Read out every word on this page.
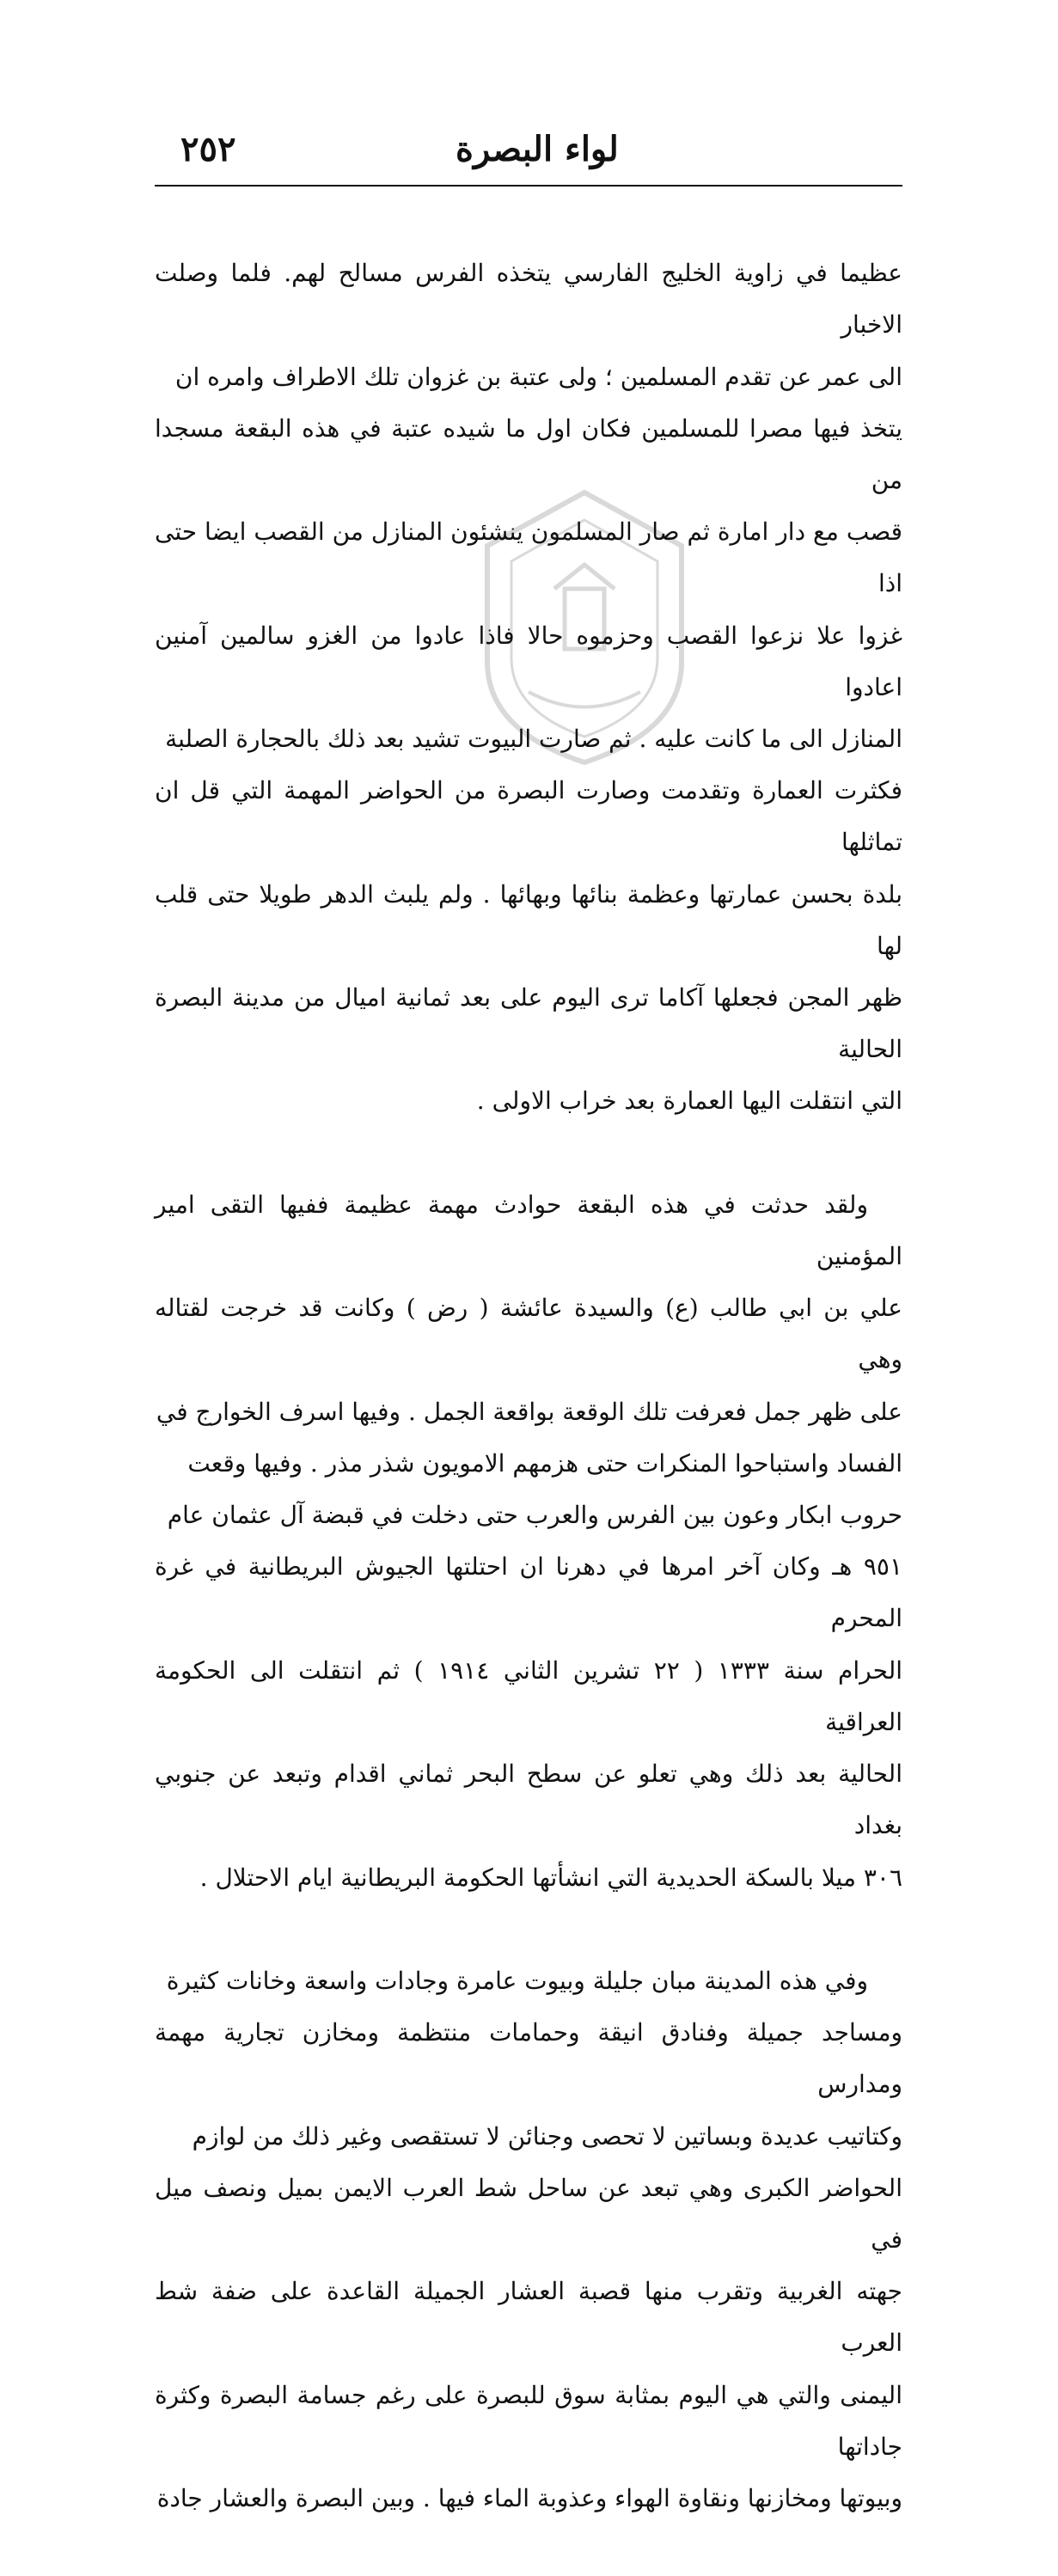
٢٥٢	لواء البصرة

عظيما في زاوية الخليج الفارسي يتخذه الفرس مسالح لهم. فلما وصلت الاخبار
الى عمر عن تقدم المسلمين ؛ ولى عتبة بن غزوان تلك الاطراف وامره ان
يتخذ فيها مصرا للمسلمين فكان اول ما شيده عتبة في هذه البقعة مسجدا من
قصب مع دار امارة ثم صار المسلمون ينشئون المنازل من القصب ايضا حتى اذا
غزوا علا نزعوا القصب وحزموه حالا فاذا عادوا من الغزو سالمين آمنين اعادوا
المنازل الى ما كانت عليه . ثم صارت البيوت تشيد بعد ذلك بالحجارة الصلبة
فكثرت العمارة وتقدمت وصارت البصرة من الحواضر المهمة التي قل ان تماثلها
بلدة بحسن عمارتها وعظمة بنائها وبهائها . ولم يلبث الدهر طويلا حتى قلب لها
ظهر المجن فجعلها آكاما ترى اليوم على بعد ثمانية اميال من مدينة البصرة الحالية
التي انتقلت اليها العمارة بعد خراب الاولى .

ولقد حدثت في هذه البقعة حوادث مهمة عظيمة ففيها التقى امير المؤمنين
علي بن ابي طالب (ع) والسيدة عائشة ( رض ) وكانت قد خرجت لقتاله وهي
على ظهر جمل فعرفت تلك الوقعة بواقعة الجمل . وفيها اسرف الخوارج في
الفساد واستباحوا المنكرات حتى هزمهم الامويون شذر مذر . وفيها وقعت
حروب ابكار وعون بين الفرس والعرب حتى دخلت في قبضة آل عثمان عام
٩٥١ هـ وكان آخر امرها في دهرنا ان احتلتها الجيوش البريطانية في غرة المحرم
الحرام سنة ١٣٣٣ ( ٢٢ تشرين الثاني ١٩١٤ ) ثم انتقلت الى الحكومة العراقية
الحالية بعد ذلك وهي تعلو عن سطح البحر ثماني اقدام وتبعد عن جنوبي بغداد
٣٠٦ ميلا بالسكة الحديدية التي انشأتها الحكومة البريطانية ايام الاحتلال .

وفي هذه المدينة مبان جليلة وبيوت عامرة وجادات واسعة وخانات كثيرة
ومساجد جميلة وفنادق انيقة وحمامات منتظمة ومخازن تجارية مهمة ومدارس
وكتاتيب عديدة وبساتين لا تحصى وجنائن لا تستقصى وغير ذلك من لوازم
الحواضر الكبرى وهي تبعد عن ساحل شط العرب الايمن بميل ونصف ميل في
جهته الغربية وتقرب منها قصبة العشار الجميلة القاعدة على ضفة شط العرب
اليمنى والتي هي اليوم بمثابة سوق للبصرة على رغم جسامة البصرة وكثرة جاداتها
وبيوتها ومخازنها ونقاوة الهواء وعذوبة الماء فيها . وبين البصرة والعشار جادة
